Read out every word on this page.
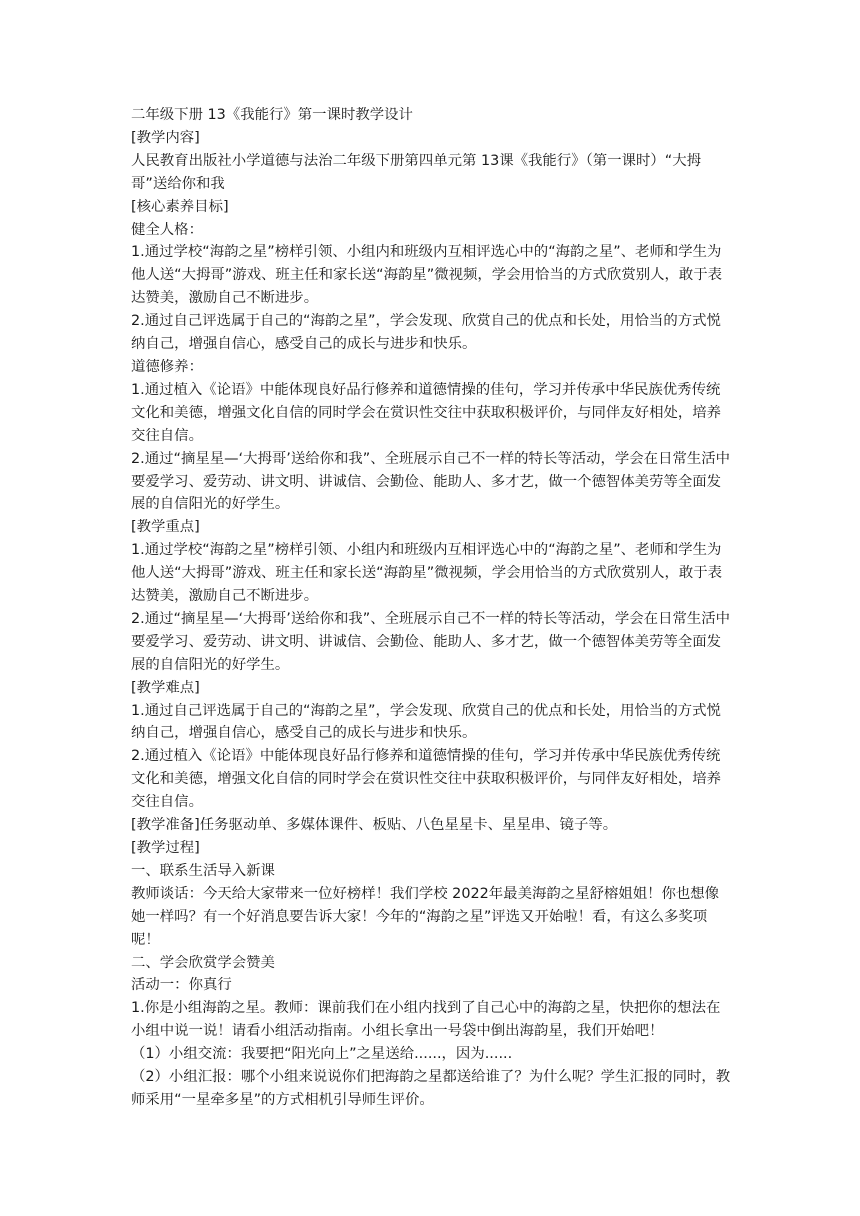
二年级下册 13《我能行》第一课时教学设计

[教学内容]

人民教育出版社小学道德与法治二年级下册第四单元第 13课《我能行》（第一课时）“大拇哥”送给你和我

[核心素养目标]

健全人格：

1.通过学校“海韵之星”榜样引领、小组内和班级内互相评选心中的“海韵之星”、老师和学生为他人送“大拇哥”游戏、班主任和家长送“海韵星”微视频，学会用恰当的方式欣赏别人，敢于表达赞美，激励自己不断进步。

2.通过自己评选属于自己的“海韵之星”，学会发现、欣赏自己的优点和长处，用恰当的方式悦纳自己，增强自信心，感受自己的成长与进步和快乐。

道德修养：

1.通过植入《论语》中能体现良好品行修养和道德情操的佳句，学习并传承中华民族优秀传统文化和美德，增强文化自信的同时学会在赏识性交往中获取积极评价，与同伴友好相处，培养交往自信。

2.通过“摘星星—‘大拇哥’送给你和我”、全班展示自己不一样的特长等活动，学会在日常生活中要爱学习、爱劳动、讲文明、讲诚信、会勤俭、能助人、多才艺，做一个德智体美劳等全面发展的自信阳光的好学生。

[教学重点]

1.通过学校“海韵之星”榜样引领、小组内和班级内互相评选心中的“海韵之星”、老师和学生为他人送“大拇哥”游戏、班主任和家长送“海韵星”微视频，学会用恰当的方式欣赏别人，敢于表达赞美，激励自己不断进步。

2.通过“摘星星—‘大拇哥’送给你和我”、全班展示自己不一样的特长等活动，学会在日常生活中要爱学习、爱劳动、讲文明、讲诚信、会勤俭、能助人、多才艺，做一个德智体美劳等全面发展的自信阳光的好学生。

[教学难点]

1.通过自己评选属于自己的“海韵之星”，学会发现、欣赏自己的优点和长处，用恰当的方式悦纳自己，增强自信心，感受自己的成长与进步和快乐。

2.通过植入《论语》中能体现良好品行修养和道德情操的佳句，学习并传承中华民族优秀传统文化和美德，增强文化自信的同时学会在赏识性交往中获取积极评价，与同伴友好相处，培养交往自信。

[教学准备]任务驱动单、多媒体课件、板贴、八色星星卡、星星串、镜子等。

[教学过程]

一、联系生活导入新课

教师谈话：今天给大家带来一位好榜样！我们学校 2022年最美海韵之星舒榕姐姐！你也想像她一样吗？有一个好消息要告诉大家！今年的“海韵之星”评选又开始啦！看，有这么多奖项呢！

二、学会欣赏学会赞美

活动一：你真行

1.你是小组海韵之星。教师：课前我们在小组内找到了自己心中的海韵之星，快把你的想法在小组中说一说！请看小组活动指南。小组长拿出一号袋中倒出海韵星，我们开始吧！

（1）小组交流：我要把“阳光向上”之星送给......，因为......

（2）小组汇报：哪个小组来说说你们把海韵之星都送给谁了？为什么呢？学生汇报的同时，教师采用“一星牵多星”的方式相机引导师生评价。
